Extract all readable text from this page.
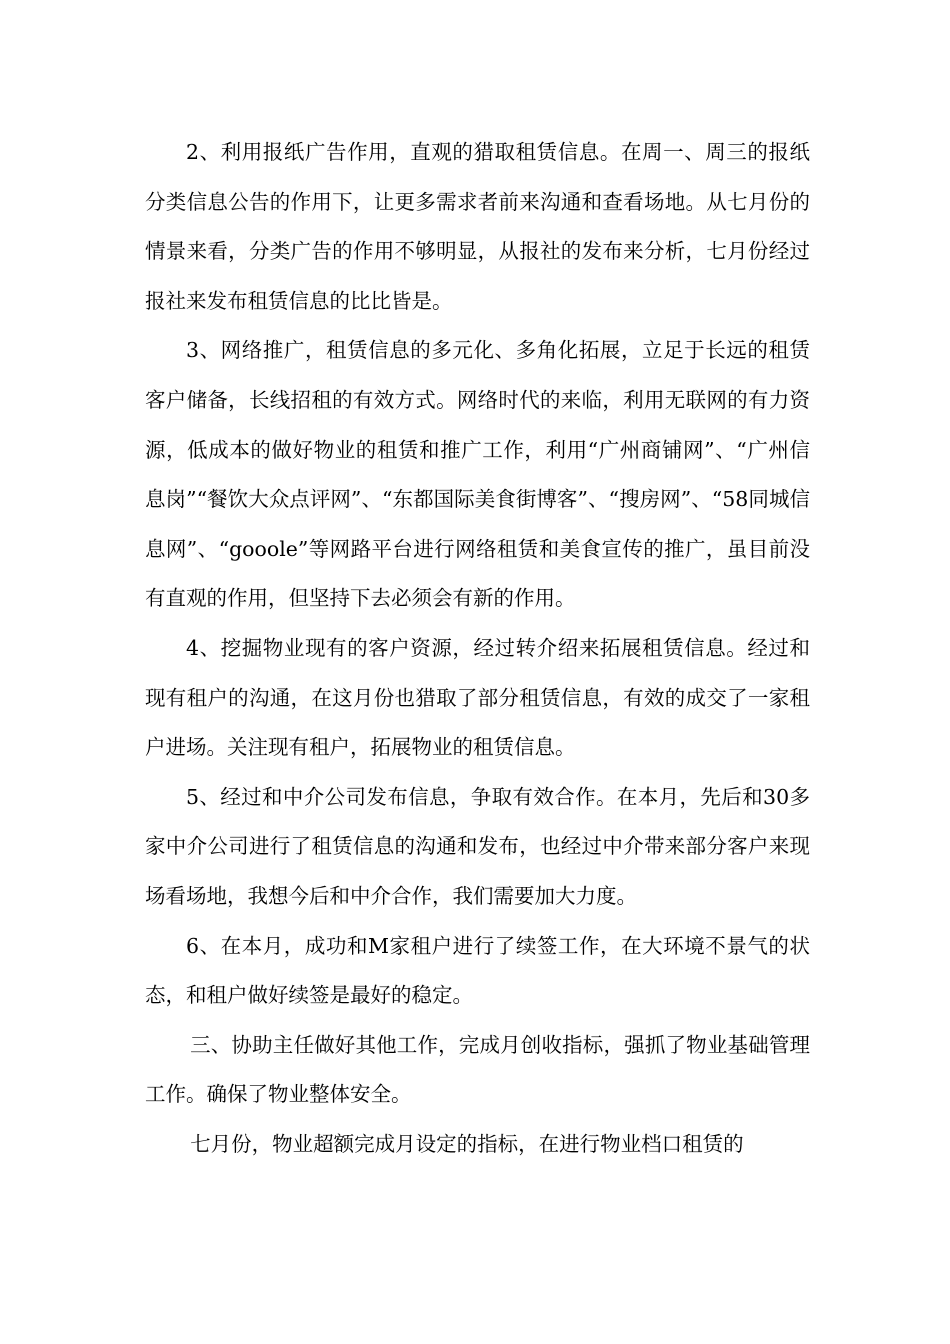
2、利用报纸广告作用，直观的猎取租赁信息。在周一、周三的报纸分类信息公告的作用下，让更多需求者前来沟通和查看场地。从七月份的情景来看，分类广告的作用不够明显，从报社的发布来分析，七月份经过报社来发布租赁信息的比比皆是。

3、网络推广，租赁信息的多元化、多角化拓展，立足于长远的租赁客户储备，长线招租的有效方式。网络时代的来临，利用无联网的有力资源，低成本的做好物业的租赁和推广工作，利用“广州商铺网”、“广州信息岗”“餐饮大众点评网”、“东都国际美食街博客”、“搜房网”、“58同城信息网”、“gooole”等网路平台进行网络租赁和美食宣传的推广，虽目前没有直观的作用，但坚持下去必须会有新的作用。

4、挖掘物业现有的客户资源，经过转介绍来拓展租赁信息。经过和现有租户的沟通，在这月份也猎取了部分租赁信息，有效的成交了一家租户进场。关注现有租户，拓展物业的租赁信息。

5、经过和中介公司发布信息，争取有效合作。在本月，先后和30多家中介公司进行了租赁信息的沟通和发布，也经过中介带来部分客户来现场看场地，我想今后和中介合作，我们需要加大力度。

6、在本月，成功和M家租户进行了续签工作，在大环境不景气的状态，和租户做好续签是最好的稳定。

三、协助主任做好其他工作，完成月创收指标，强抓了物业基础管理工作。确保了物业整体安全。

七月份，物业超额完成月设定的指标，在进行物业档口租赁的
